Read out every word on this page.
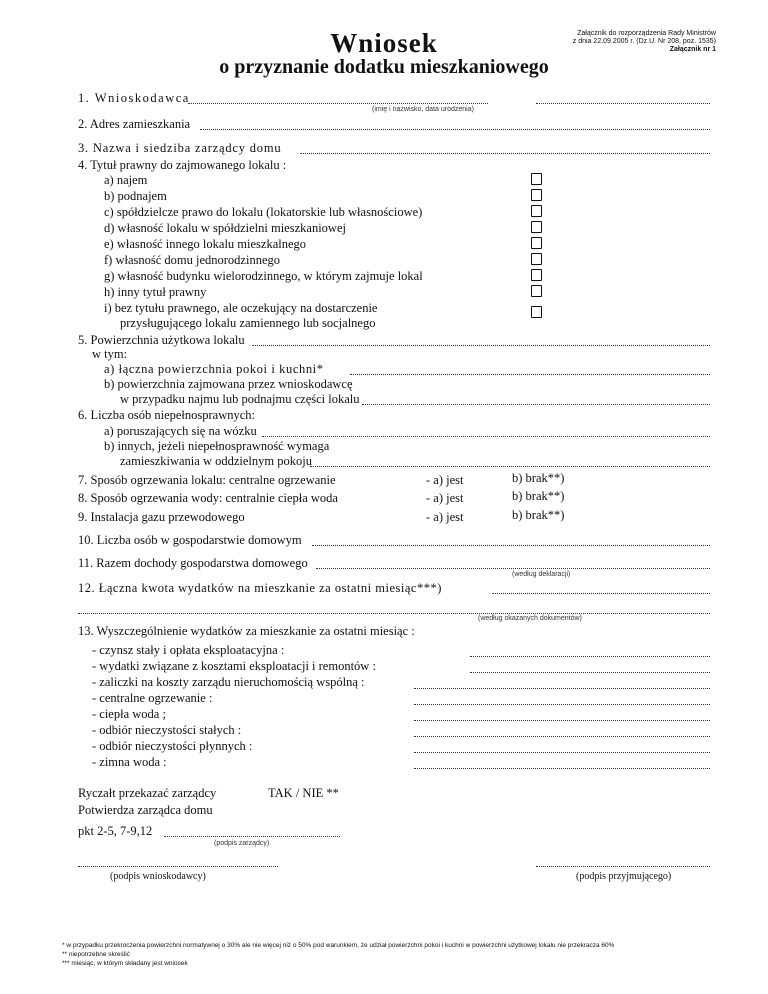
Wniosek
o przyznanie dodatku mieszkaniowego
Załącznik do rozporządzenia Rady Ministrów
z dnia 22.09.2005 r. (Dz.U. Nr 208, poz. 1535)
Załącznik nr 1
1. Wnioskodawca
(imię i nazwisko, data urodzenia)
2. Adres zamieszkania
3. Nazwa i siedziba zarządcy domu
4. Tytuł prawny do zajmowanego lokalu :
a) najem
b) podnajem
c) spółdzielcze prawo do lokalu (lokatorskie lub własnościowe)
d) własność lokalu w spółdzielni mieszkaniowej
e) własność innego lokalu mieszkalnego
f) własność domu jednorodzinnego
g) własność budynku wielorodzinnego, w którym zajmuje lokal
h) inny tytuł prawny
i) bez tytułu prawnego, ale oczekujący na dostarczenie
przysługującego lokalu zamiennego lub socjalnego
5. Powierzchnia użytkowa lokalu
w tym:
a) łączna powierzchnia pokoi i kuchni*
b) powierzchnia zajmowana przez wnioskodawcę
w przypadku najmu lub podnajmu części lokalu
6. Liczba osób niepełnosprawnych:
a) poruszających się na wózku
b) innych, jeżeli niepełnosprawność wymaga
zamieszkiwania w oddzielnym pokoju
7. Sposób ogrzewania lokalu: centralne ogrzewanie	- a) jest	b) brak**)
8. Sposób ogrzewania wody: centralnie ciepła woda	- a) jest	b) brak**)
9. Instalacja gazu przewodowego	- a) jest	b) brak**)
10. Liczba osób w gospodarstwie domowym
11. Razem dochody gospodarstwa domowego
(według deklaracji)
12. Łączna kwota wydatków na mieszkanie za ostatni miesiąc***)
(według okazanych dokumentów)
13. Wyszczególnienie wydatków za mieszkanie za ostatni miesiąc :
- czynsz stały i opłata eksploatacyjna :
- wydatki związane z kosztami eksploatacji i remontów :
- zaliczki na koszty zarządu nieruchomością wspólną :
- centralne ogrzewanie :
- ciepła woda ;
- odbiór nieczystości stałych :
- odbiór nieczystości płynnych :
- zimna woda :
Ryczałt przekazać zarządcy	TAK / NIE **
Potwierdza zarządca domu
pkt 2-5, 7-9,12
(podpis zarządcy)
(podpis wnioskodawcy)	(podpis przyjmującego)
* w przypadku przekroczenia powierzchni normatywnej o 30% ale nie więcej niż o 50% pod warunkiem, że udział powierzchni pokoi i kuchni w powierzchni użytkowej lokalu nie przekracza 60%
** niepotrzebne skreślić
*** miesiąc, w którym składany jest wniosek
